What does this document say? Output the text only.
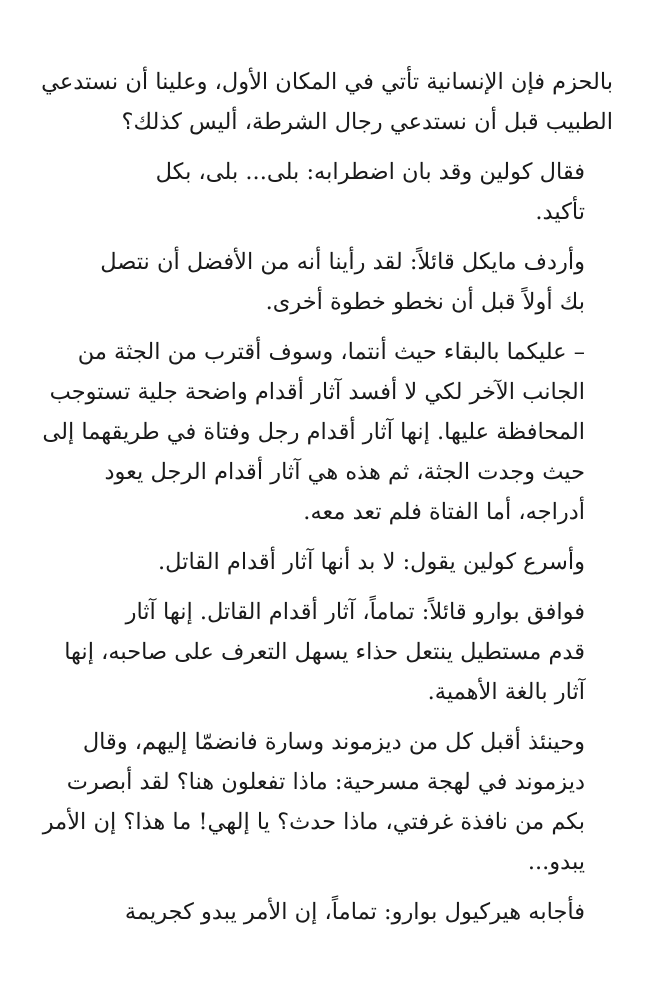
بالحزم فإن الإنسانية تأتي في المكان الأول، وعلينا أن نستدعي
الطبيب قبل أن نستدعي رجال الشرطة، أليس كذلك؟

فقال كولين وقد بان اضطرابه: بلى... بلى، بكل
تأكيد.

وأردف مايكل قائلاً: لقد رأينا أنه من الأفضل أن نتصل
بك أولاً قبل أن نخطو خطوة أخرى.

– عليكما بالبقاء حيث أنتما، وسوف أقترب من الجثة من
الجانب الآخر لكي لا أفسد آثار أقدام واضحة جلية تستوجب
المحافظة عليها. إنها آثار أقدام رجل وفتاة في طريقهما إلى
حيث وجدت الجثة، ثم هذه هي آثار أقدام الرجل يعود
أدراجه، أما الفتاة فلم تعد معه.

وأسرع كولين يقول: لا بد أنها آثار أقدام القاتل.

فوافق بوارو قائلاً: تماماً، آثار أقدام القاتل. إنها آثار
قدم مستطيل ينتعل حذاء يسهل التعرف على صاحبه، إنها
آثار بالغة الأهمية.

وحينئذ أقبل كل من ديزموند وسارة فانضمّا إليهم، وقال
ديزموند في لهجة مسرحية: ماذا تفعلون هنا؟ لقد أبصرت
بكم من نافذة غرفتي، ماذا حدث؟ يا إلهي! ما هذا؟ إن الأمر
يبدو...

فأجابه هيركيول بوارو: تماماً، إن الأمر يبدو كجريمة
